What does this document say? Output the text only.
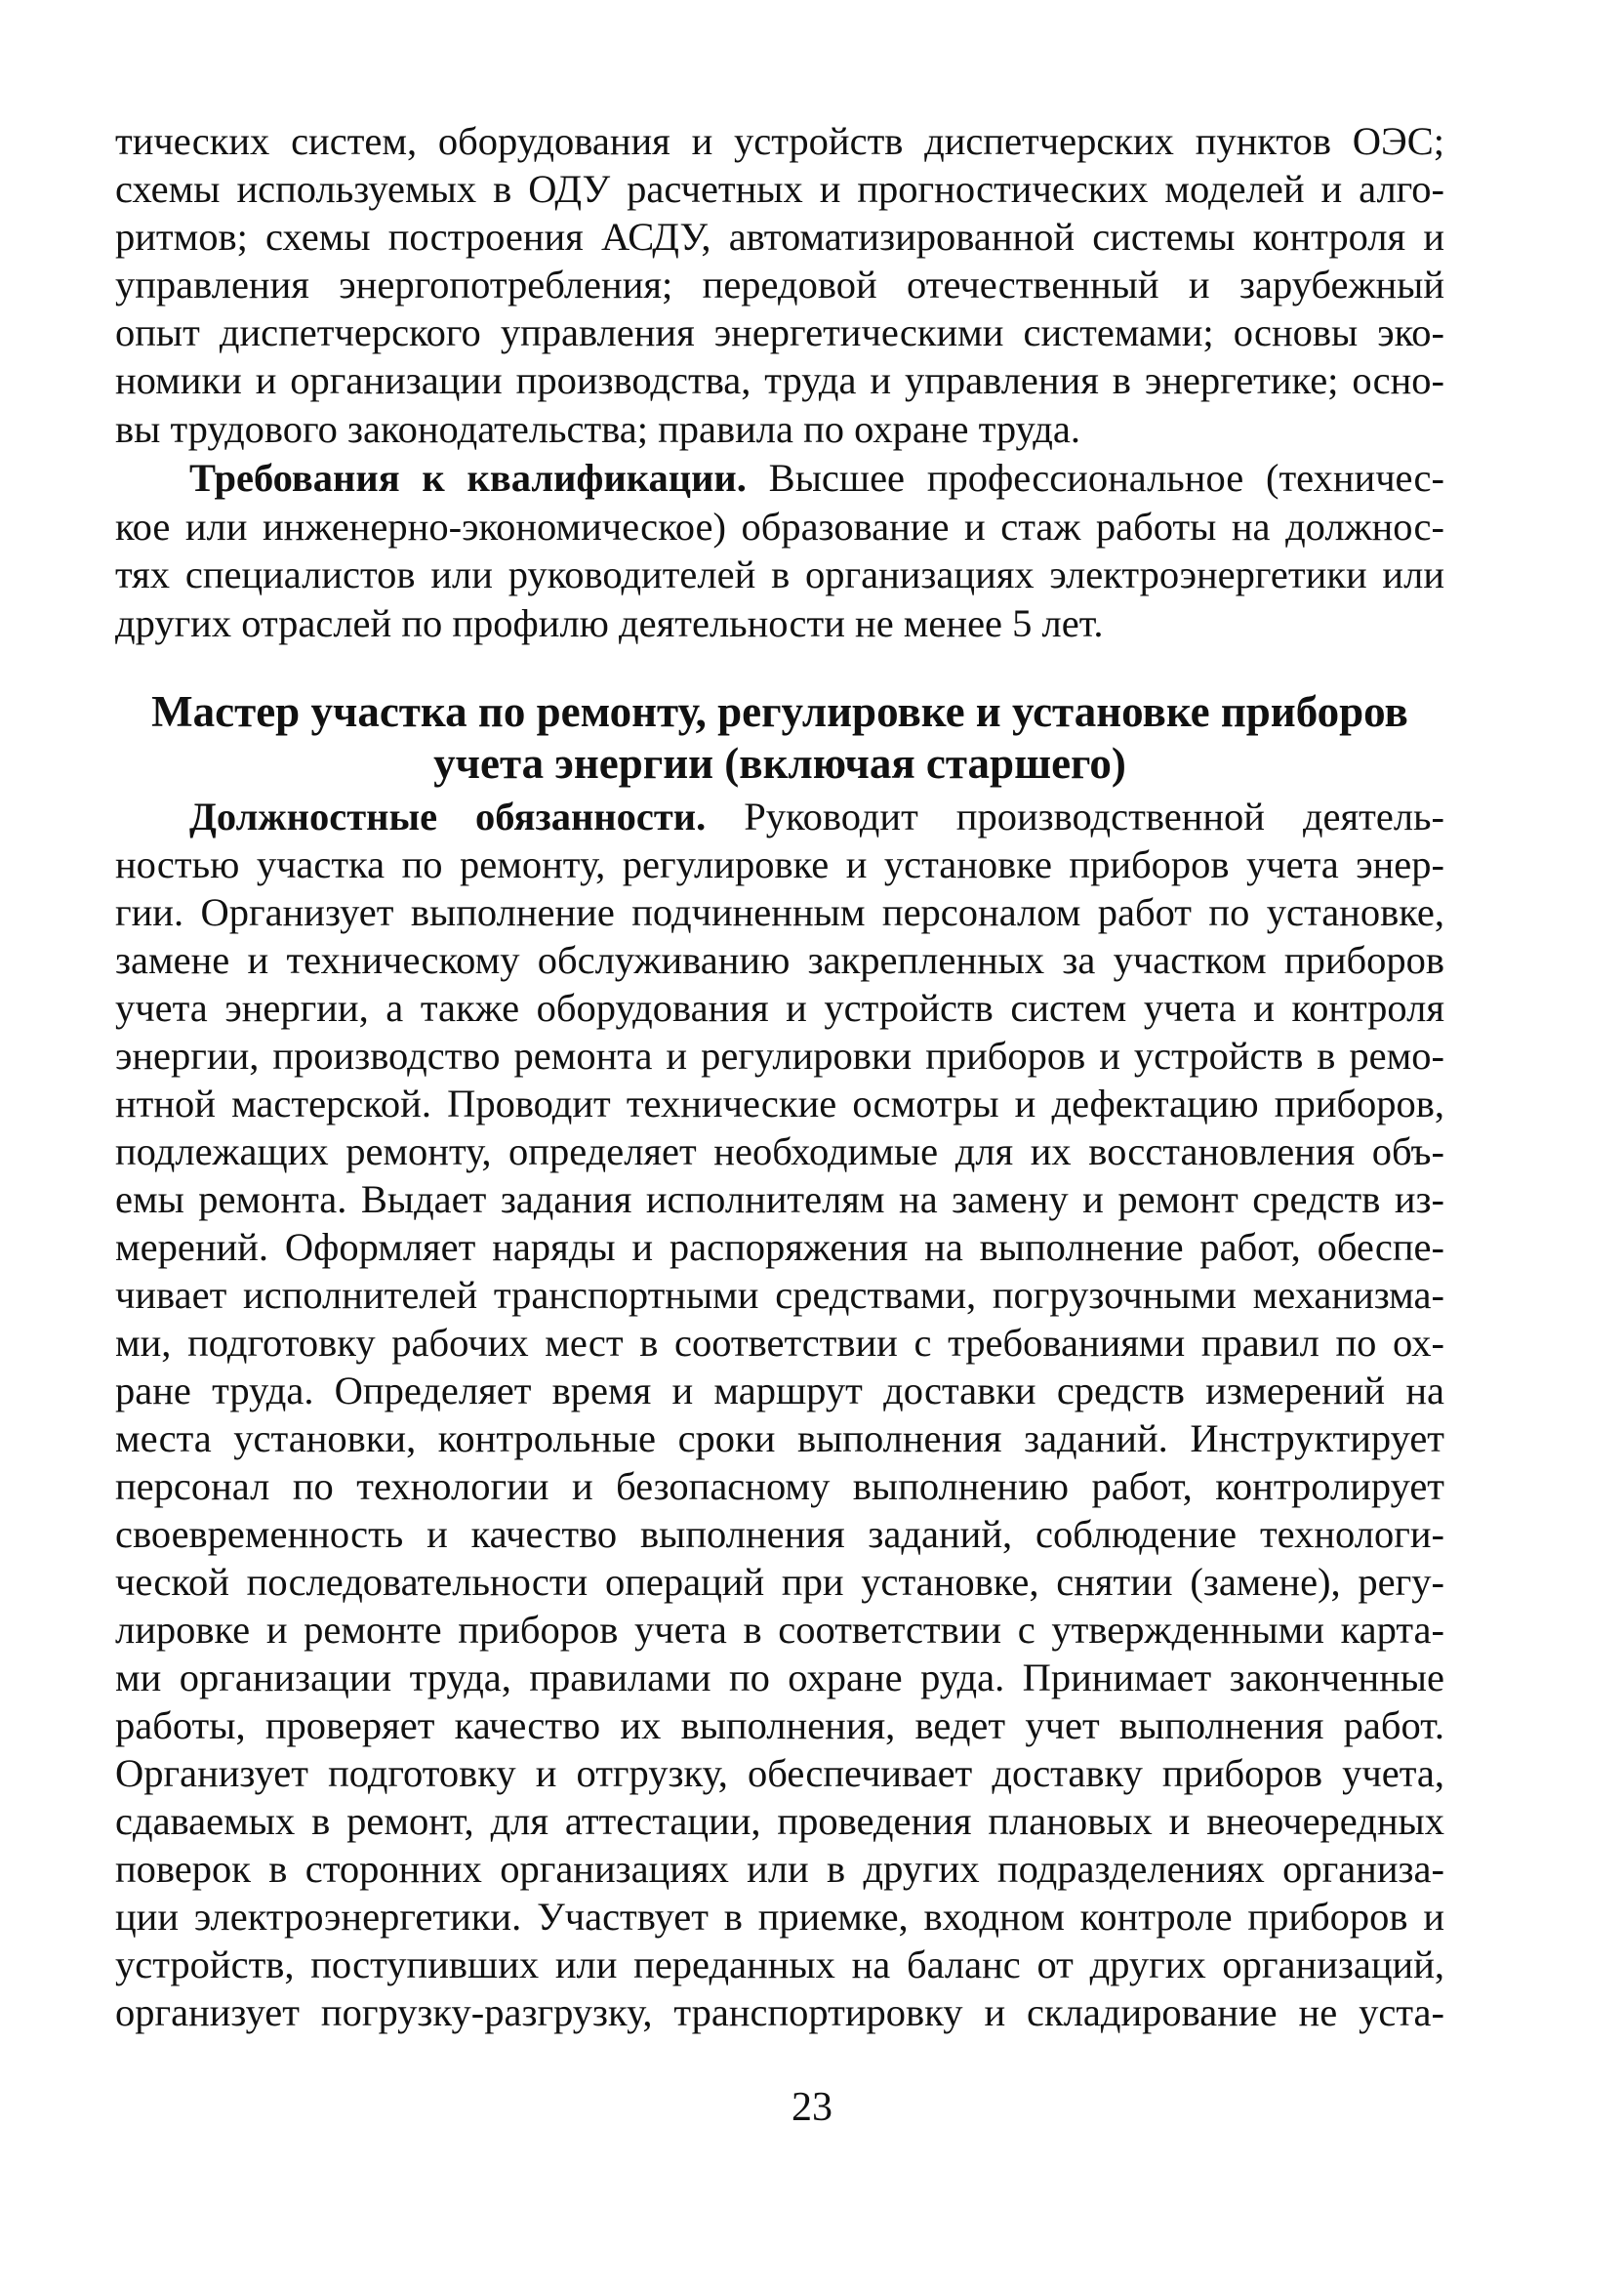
тических систем, оборудования и устройств диспетчерских пунктов ОЭС;
схемы используемых в ОДУ расчетных и прогностических моделей и алго-
ритмов; схемы построения АСДУ, автоматизированной системы контроля и
управления энергопотребления; передовой отечественный и зарубежный
опыт диспетчерского управления энергетическими системами; основы эко-
номики и организации производства, труда и управления в энергетике; осно-
вы трудового законодательства; правила по охране труда.
Требования к квалификации. Высшее профессиональное (техничес-
кое или инженерно-экономическое) образование и стаж работы на должнос-
тях специалистов или руководителей в организациях электроэнергетики или
других отраслей по профилю деятельности не менее 5 лет.
Мастер участка по ремонту, регулировке и установке приборов
учета энергии (включая старшего)
Должностные обязанности. Руководит производственной деятель-
ностью участка по ремонту, регулировке и установке приборов учета энер-
гии. Организует выполнение подчиненным персоналом работ по установке,
замене и техническому обслуживанию закрепленных за участком приборов
учета энергии, а также оборудования и устройств систем учета и контроля
энергии, производство ремонта и регулировки приборов и устройств в ремо-
нтной мастерской. Проводит технические осмотры и дефектацию приборов,
подлежащих ремонту, определяет необходимые для их восстановления объ-
емы ремонта. Выдает задания исполнителям на замену и ремонт средств из-
мерений. Оформляет наряды и распоряжения на выполнение работ, обеспе-
чивает исполнителей транспортными средствами, погрузочными механизма-
ми, подготовку рабочих мест в соответствии с требованиями правил по ох-
ране труда. Определяет время и маршрут доставки средств измерений на
места установки, контрольные сроки выполнения заданий. Инструктирует
персонал по технологии и безопасному выполнению работ, контролирует
своевременность и качество выполнения заданий, соблюдение технологи-
ческой последовательности операций при установке, снятии (замене), регу-
лировке и ремонте приборов учета в соответствии с утвержденными карта-
ми организации труда, правилами по охране руда. Принимает законченные
работы, проверяет качество их выполнения, ведет учет выполнения работ.
Организует подготовку и отгрузку, обеспечивает доставку приборов учета,
сдаваемых в ремонт, для аттестации, проведения плановых и внеочередных
поверок в сторонних организациях или в других подразделениях организа-
ции электроэнергетики. Участвует в приемке, входном контроле приборов и
устройств, поступивших или переданных на баланс от других организаций,
организует погрузку-разгрузку, транспортировку и складирование не уста-
23
